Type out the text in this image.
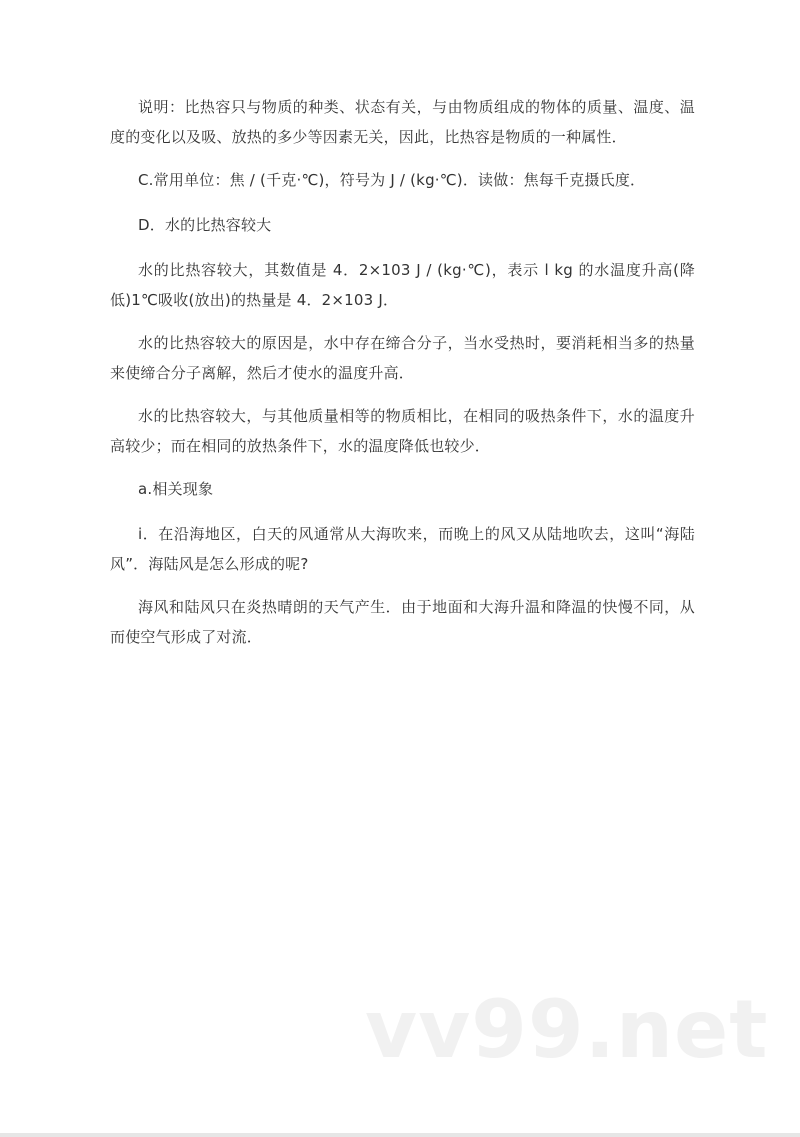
说明：比热容只与物质的种类、状态有关，与由物质组成的物体的质量、温度、温度的变化以及吸、放热的多少等因素无关，因此，比热容是物质的一种属性．

C.常用单位：焦 / (千克·℃)，符号为 J / (kg·℃)．读做：焦每千克摄氏度．

D．水的比热容较大

水的比热容较大，其数值是 4．2×103 J / (kg·℃)，表示 l kg 的水温度升高(降低)1℃吸收(放出)的热量是 4．2×103 J．

水的比热容较大的原因是，水中存在缔合分子，当水受热时，要消耗相当多的热量来使缔合分子离解，然后才使水的温度升高．

水的比热容较大，与其他质量相等的物质相比，在相同的吸热条件下，水的温度升高较少；而在相同的放热条件下，水的温度降低也较少．

a.相关现象

i．在沿海地区，白天的风通常从大海吹来，而晚上的风又从陆地吹去，这叫“海陆风”．海陆风是怎么形成的呢?

海风和陆风只在炎热晴朗的天气产生．由于地面和大海升温和降温的快慢不同，从而使空气形成了对流．

vv99.net
